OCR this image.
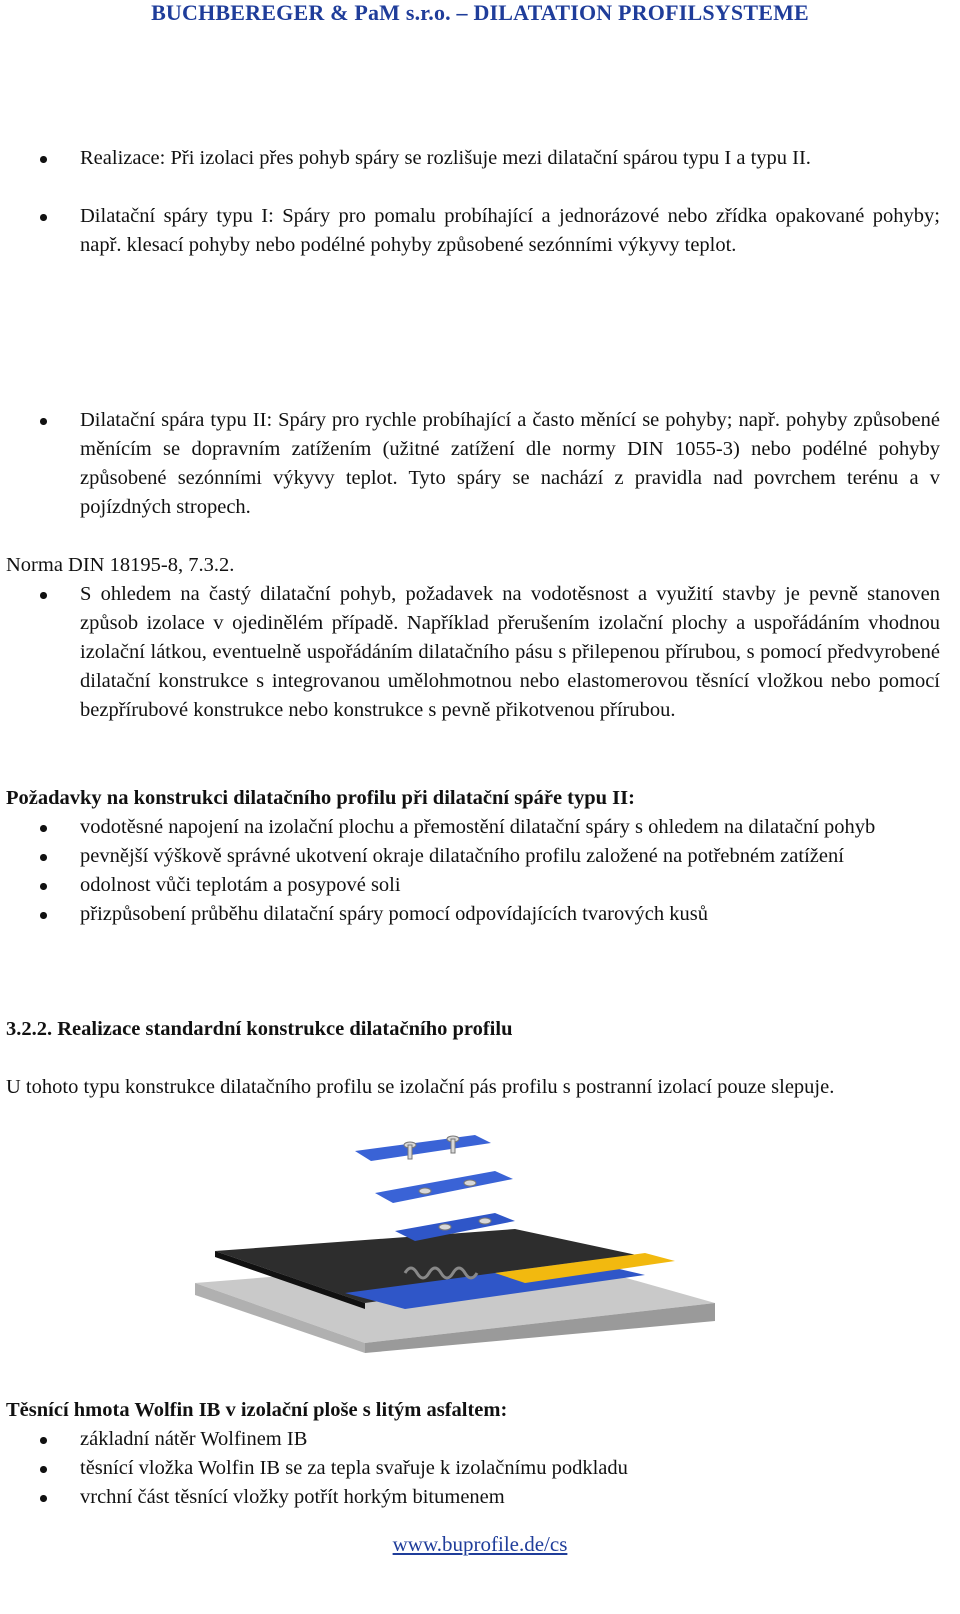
BUCHBEREGER & PaM s.r.o. – DILATATION PROFILSYSTEME
Realizace: Při izolaci přes pohyb spáry se rozlišuje mezi dilatační spárou typu I a typu II.
Dilatační spáry typu I: Spáry pro pomalu probíhající a jednorázové nebo zřídka opakované pohyby; např. klesací pohyby nebo podélné pohyby způsobené sezónními výkyvy teplot.
Dilatační spára typu II: Spáry pro rychle probíhající a často měnící se pohyby; např. pohyby způsobené měnícím se dopravním zatížením (užitné zatížení dle normy DIN 1055-3) nebo podélné pohyby způsobené sezónními výkyvy teplot. Tyto spáry se nachází z pravidla nad povrchem terénu a v pojízdných stropech.
Norma DIN 18195-8, 7.3.2.
S ohledem na častý dilatační pohyb, požadavek na vodotěsnost a využití stavby je pevně stanoven způsob izolace v ojedinělém případě. Například přerušením izolační plochy a uspořádáním vhodnou izolační látkou, eventuelně uspořádáním dilatačního pásu s přilepenou přírubou, s pomocí předvyrobené dilatační konstrukce s integrovanou umělohmotnou nebo elastomerovou těsnící vložkou nebo pomocí bezpřírubové konstrukce nebo konstrukce s pevně přikotvenou přírubou.
Požadavky na konstrukci dilatačního profilu při dilatační spáře typu II:
vodotěsné napojení na izolační plochu a přemostění dilatační spáry s ohledem na dilatační pohyb
pevnější výškově správné ukotvení okraje dilatačního profilu založené na potřebném zatížení
odolnost vůči teplotám a posypové soli
přizpůsobení průběhu dilatační spáry pomocí odpovídajících tvarových kusů
3.2.2. Realizace standardní konstrukce dilatačního profilu
U tohoto typu konstrukce dilatačního profilu se izolační pás profilu s postranní izolací pouze slepuje.
Těsnící hmota Wolfin IB v izolační ploše s litým asfaltem:
základní nátěr Wolfinem IB
těsnící vložka Wolfin IB se za tepla svařuje k izolačnímu podkladu
vrchní část těsnící vložky potřít horkým bitumenem
www.buprofile.de/cs
